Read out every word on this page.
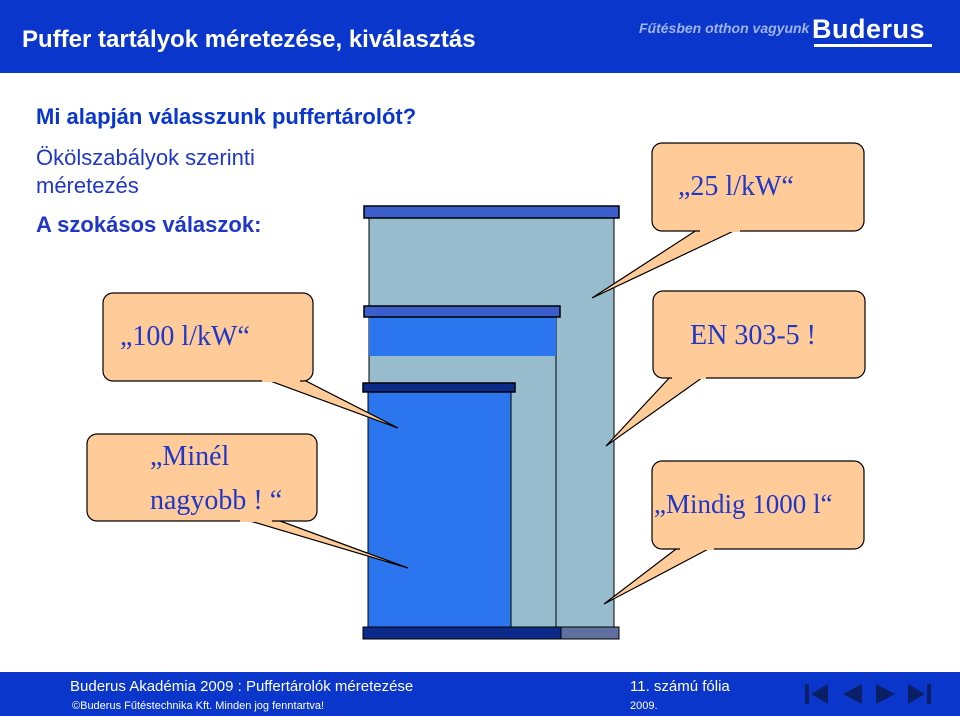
Puffer tartályok méretezése, kiválasztás	Fűtésben otthon vagyunk Buderus
Mi alapján válasszunk puffertárolót?
Ökölszabályok szerinti méretezés
A szokásos válaszok:
„25 l/kW“
„100 l/kW“	EN 303-5 !
„Minél
nagyobb ! “	„Mindig 1000 l“
Buderus Akadémia 2009 : Puffertárolók méretezése
©Buderus Fűtéstechnika Kft. Minden jog fenntartva!
11. számú fólia
2009.
